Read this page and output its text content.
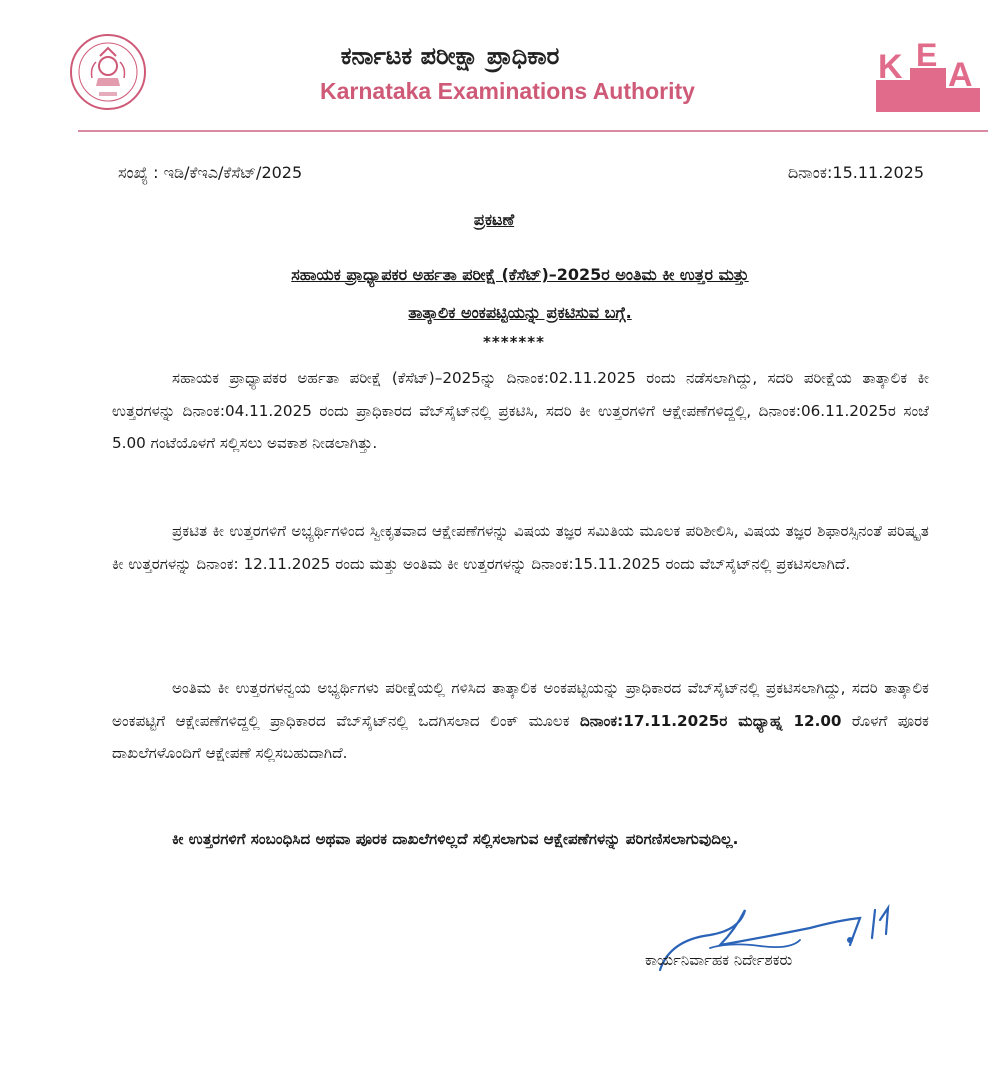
ಕರ್ನಾಟಕ ಪರೀಕ್ಷಾ ಪ್ರಾಧಿಕಾರ
Karnataka Examinations Authority
K E
A
ಸಂಖ್ಯೆ : ಇಡಿ/ಕೆಇಎ/ಕೆಸೆಟ್/2025	ದಿನಾಂಕ:15.11.2025
ಪ್ರಕಟಣೆ
ಸಹಾಯಕ ಪ್ರಾಧ್ಯಾಪಕರ ಅರ್ಹತಾ ಪರೀಕ್ಷೆ (ಕೆಸೆಟ್)–2025ರ ಅಂತಿಮ ಕೀ ಉತ್ತರ ಮತ್ತು
ತಾತ್ಕಾಲಿಕ ಅಂಕಪಟ್ಟಿಯನ್ನು ಪ್ರಕಟಿಸುವ ಬಗ್ಗೆ.
*******

ಸಹಾಯಕ ಪ್ರಾಧ್ಯಾಪಕರ ಅರ್ಹತಾ ಪರೀಕ್ಷೆ (ಕೆಸೆಟ್)–2025ನ್ನು ದಿನಾಂಕ:02.11.2025 ರಂದು ನಡೆಸಲಾಗಿದ್ದು, ಸದರಿ ಪರೀಕ್ಷೆಯ ತಾತ್ಕಾಲಿಕ ಕೀ ಉತ್ತರಗಳನ್ನು ದಿನಾಂಕ:04.11.2025 ರಂದು ಪ್ರಾಧಿಕಾರದ ವೆಬ್‌ಸೈಟ್‌ನಲ್ಲಿ ಪ್ರಕಟಿಸಿ, ಸದರಿ ಕೀ ಉತ್ತರಗಳಿಗೆ ಆಕ್ಷೇಪಣೆಗಳಿದ್ದಲ್ಲಿ, ದಿನಾಂಕ:06.11.2025ರ ಸಂಜೆ 5.00 ಗಂಟೆಯೊಳಗೆ ಸಲ್ಲಿಸಲು ಅವಕಾಶ ನೀಡಲಾಗಿತ್ತು.

ಪ್ರಕಟಿತ ಕೀ ಉತ್ತರಗಳಿಗೆ ಅಭ್ಯರ್ಥಿಗಳಿಂದ ಸ್ವೀಕೃತವಾದ ಆಕ್ಷೇಪಣೆಗಳನ್ನು ವಿಷಯ ತಜ್ಞರ ಸಮಿತಿಯ ಮೂಲಕ ಪರಿಶೀಲಿಸಿ, ವಿಷಯ ತಜ್ಞರ ಶಿಫಾರಸ್ಸಿನಂತೆ ಪರಿಷ್ಕೃತ ಕೀ ಉತ್ತರಗಳನ್ನು ದಿನಾಂಕ: 12.11.2025 ರಂದು ಮತ್ತು ಅಂತಿಮ ಕೀ ಉತ್ತರಗಳನ್ನು ದಿನಾಂಕ:15.11.2025 ರಂದು ವೆಬ್‌ಸೈಟ್‌ನಲ್ಲಿ ಪ್ರಕಟಿಸಲಾಗಿದೆ.

ಅಂತಿಮ ಕೀ ಉತ್ತರಗಳನ್ವಯ ಅಭ್ಯರ್ಥಿಗಳು ಪರೀಕ್ಷೆಯಲ್ಲಿ ಗಳಿಸಿದ ತಾತ್ಕಾಲಿಕ ಅಂಕಪಟ್ಟಿಯನ್ನು ಪ್ರಾಧಿಕಾರದ ವೆಬ್‌ಸೈಟ್‌ನಲ್ಲಿ ಪ್ರಕಟಿಸಲಾಗಿದ್ದು, ಸದರಿ ತಾತ್ಕಾಲಿಕ ಅಂಕಪಟ್ಟಿಗೆ ಆಕ್ಷೇಪಣೆಗಳಿದ್ದಲ್ಲಿ ಪ್ರಾಧಿಕಾರದ ವೆಬ್‌ಸೈಟ್‌ನಲ್ಲಿ ಒದಗಿಸಲಾದ ಲಿಂಕ್ ಮೂಲಕ ದಿನಾಂಕ:17.11.2025ರ ಮಧ್ಯಾಹ್ನ 12.00 ರೊಳಗೆ ಪೂರಕ ದಾಖಲೆಗಳೊಂದಿಗೆ ಆಕ್ಷೇಪಣೆ ಸಲ್ಲಿಸಬಹುದಾಗಿದೆ.

ಕೀ ಉತ್ತರಗಳಿಗೆ ಸಂಬಂಧಿಸಿದ ಅಥವಾ ಪೂರಕ ದಾಖಲೆಗಳಿಲ್ಲದೆ ಸಲ್ಲಿಸಲಾಗುವ ಆಕ್ಷೇಪಣೆಗಳನ್ನು ಪರಿಗಣಿಸಲಾಗುವುದಿಲ್ಲ.

ಕಾರ್ಯನಿರ್ವಾಹಕ ನಿರ್ದೇಶಕರು
